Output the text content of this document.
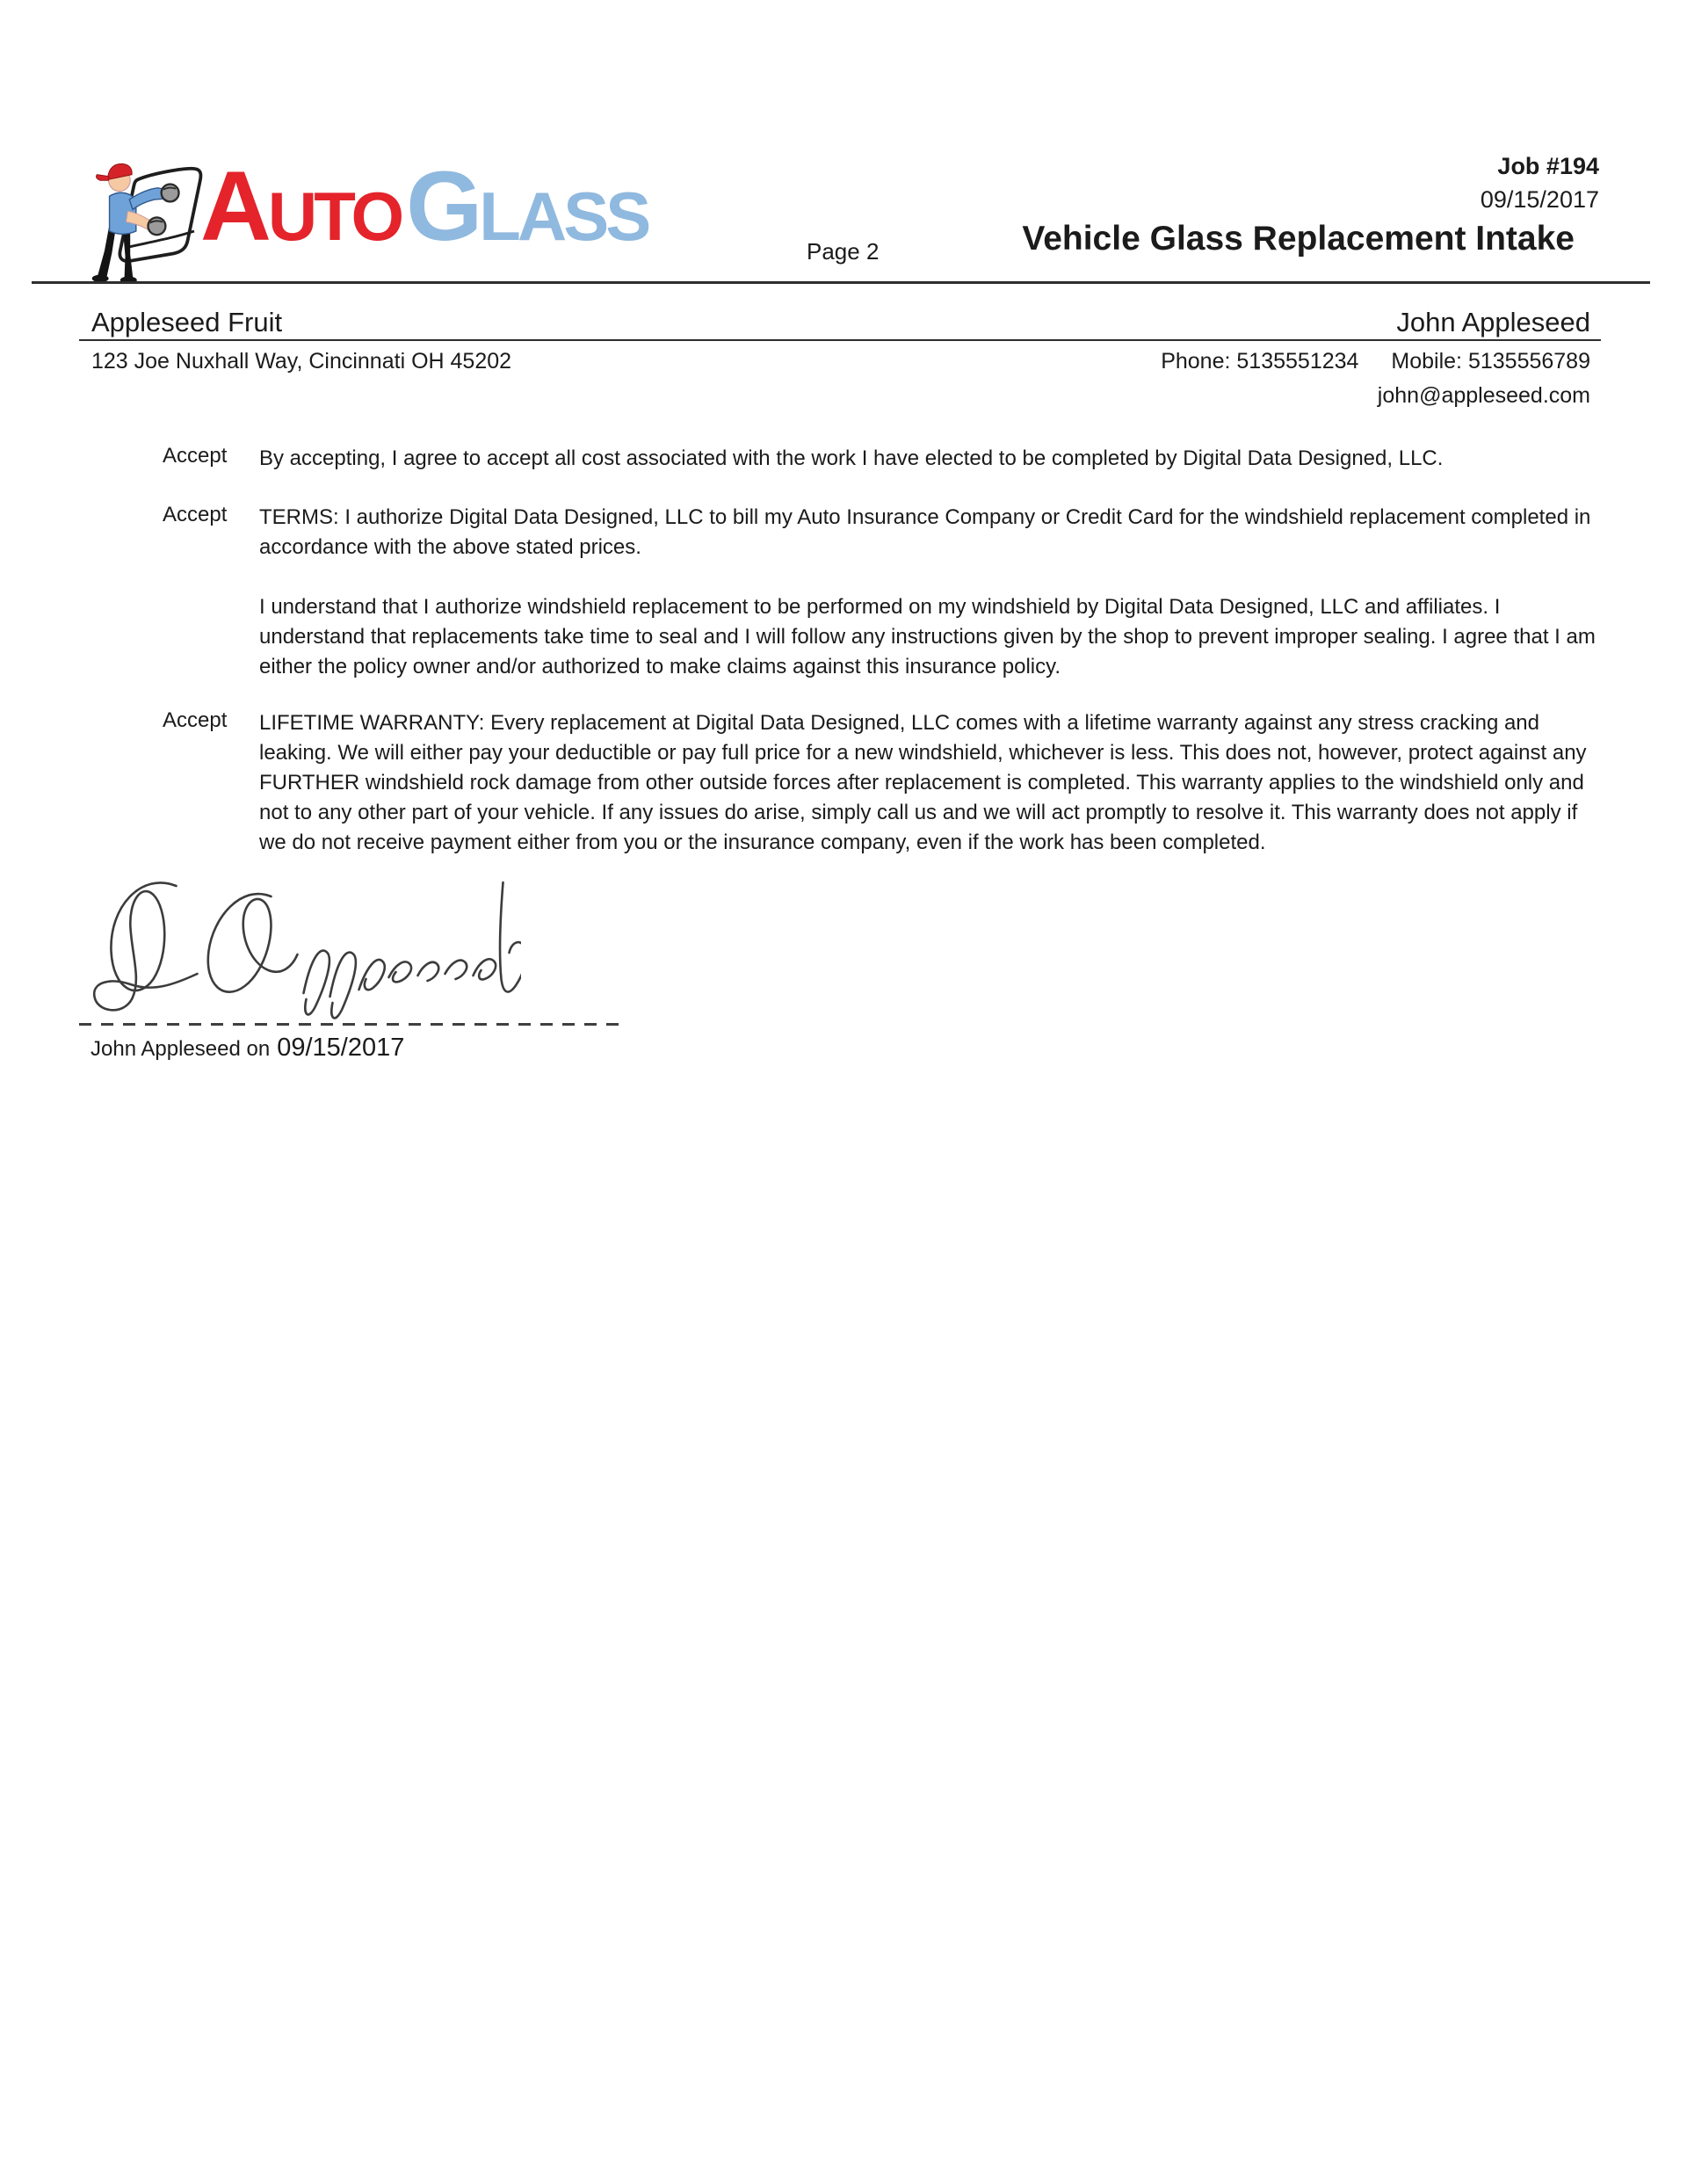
AutoGlass	Page 2
Job #194
09/15/2017
Vehicle Glass Replacement Intake
Appleseed Fruit	John Appleseed
123 Joe Nuxhall Way, Cincinnati OH 45202	Phone: 5135551234 Mobile: 5135556789
john@appleseed.com
Accept	By accepting, I agree to accept all cost associated with the work I have elected to be completed by Digital Data Designed, LLC.
Accept	TERMS: I authorize Digital Data Designed, LLC to bill my Auto Insurance Company or Credit Card for the windshield replacement completed in accordance with the above stated prices.
I understand that I authorize windshield replacement to be performed on my windshield by Digital Data Designed, LLC and affiliates. I understand that replacements take time to seal and I will follow any instructions given by the shop to prevent improper sealing. I agree that I am either the policy owner and/or authorized to make claims against this insurance policy.
Accept	LIFETIME WARRANTY: Every replacement at Digital Data Designed, LLC comes with a lifetime warranty against any stress cracking and leaking. We will either pay your deductible or pay full price for a new windshield, whichever is less. This does not, however, protect against any FURTHER windshield rock damage from other outside forces after replacement is completed. This warranty applies to the windshield only and not to any other part of your vehicle. If any issues do arise, simply call us and we will act promptly to resolve it. This warranty does not apply if we do not receive payment either from you or the insurance company, even if the work has been completed.
John Appleseed on 09/15/2017
